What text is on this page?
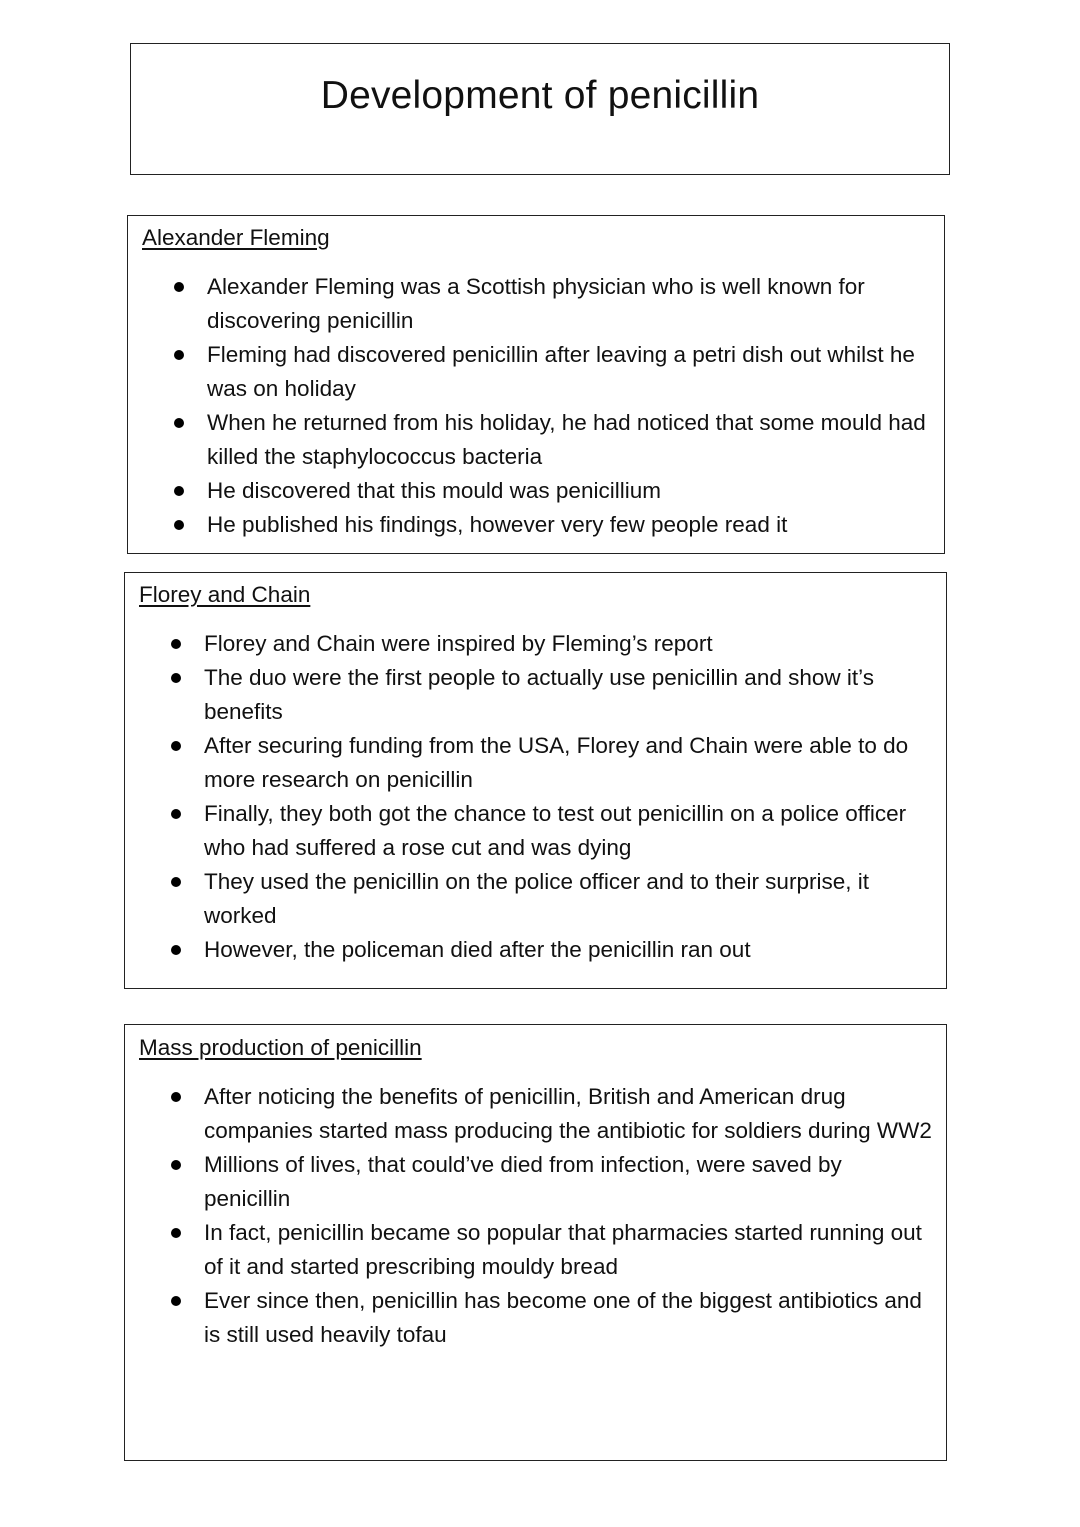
Development of penicillin

Alexander Fleming

Alexander Fleming was a Scottish physician who is well known for discovering penicillin
Fleming had discovered penicillin after leaving a petri dish out whilst he was on holiday
When he returned from his holiday, he had noticed that some mould had killed the staphylococcus bacteria
He discovered that this mould was penicillium
He published his findings, however very few people read it

Florey and Chain

Florey and Chain were inspired by Fleming’s report
The duo were the first people to actually use penicillin and show it’s benefits
After securing funding from the USA, Florey and Chain were able to do more research on penicillin
Finally, they both got the chance to test out penicillin on a police officer who had suffered a rose cut and was dying
They used the penicillin on the police officer and to their surprise, it worked
However, the policeman died after the penicillin ran out

Mass production of penicillin

After noticing the benefits of penicillin, British and American drug companies started mass producing the antibiotic for soldiers during WW2
Millions of lives, that could’ve died from infection, were saved by penicillin
In fact, penicillin became so popular that pharmacies started running out of it and started prescribing mouldy bread
Ever since then, penicillin has become one of the biggest antibiotics and is still used heavily tofau
